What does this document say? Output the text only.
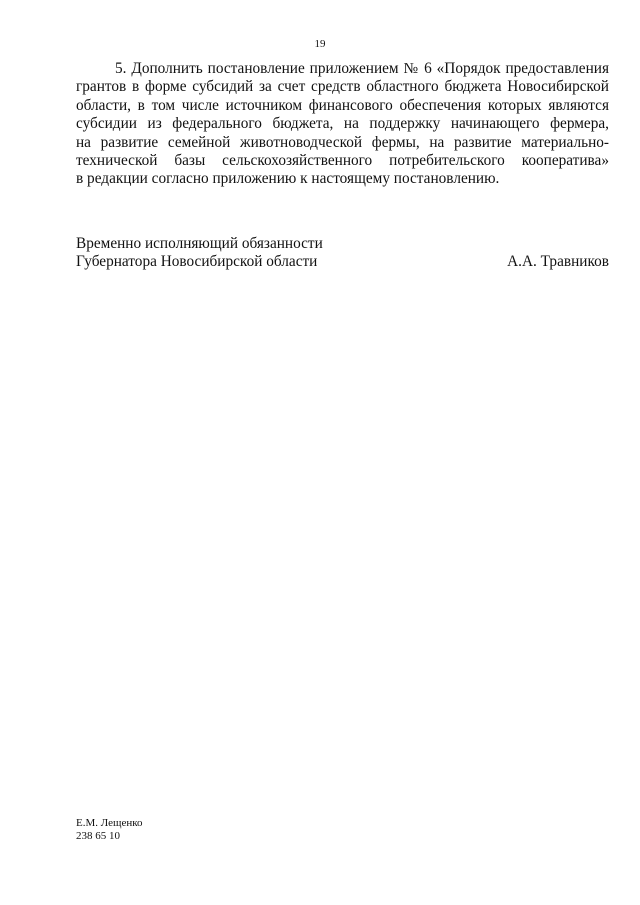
19
5. Дополнить постановление приложением № 6 «Порядок предоставления
грантов в форме субсидий за счет средств областного бюджета Новосибирской
области, в том числе источником финансового обеспечения которых являются
субсидии из федерального бюджета, на поддержку начинающего фермера,
на развитие семейной животноводческой фермы, на развитие материально-
технической базы сельскохозяйственного потребительского кооператива»
в редакции согласно приложению к настоящему постановлению.
Временно исполняющий обязанности
Губернатора Новосибирской области	А.А. Травников
Е.М. Лещенко
238 65 10
